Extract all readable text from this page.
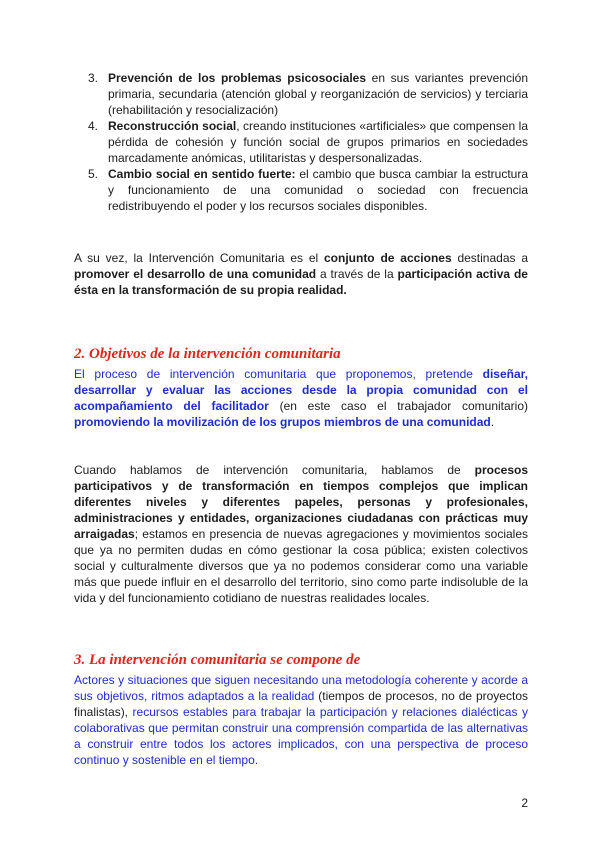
3. Prevención de los problemas psicosociales en sus variantes prevención primaria, secundaria (atención global y reorganización de servicios) y terciaria (rehabilitación y resocialización)
4. Reconstrucción social, creando instituciones «artificiales» que compensen la pérdida de cohesión y función social de grupos primarios en sociedades marcadamente anómicas, utilitaristas y despersonalizadas.
5. Cambio social en sentido fuerte: el cambio que busca cambiar la estructura y funcionamiento de una comunidad o sociedad con frecuencia redistribuyendo el poder y los recursos sociales disponibles.

A su vez, la Intervención Comunitaria es el conjunto de acciones destinadas a promover el desarrollo de una comunidad a través de la participación activa de ésta en la transformación de su propia realidad.

2. Objetivos de la intervención comunitaria

El proceso de intervención comunitaria que proponemos, pretende diseñar, desarrollar y evaluar las acciones desde la propia comunidad con el acompañamiento del facilitador (en este caso el trabajador comunitario) promoviendo la movilización de los grupos miembros de una comunidad.

Cuando hablamos de intervención comunitaria, hablamos de procesos participativos y de transformación en tiempos complejos que implican diferentes niveles y diferentes papeles, personas y profesionales, administraciones y entidades, organizaciones ciudadanas con prácticas muy arraigadas; estamos en presencia de nuevas agregaciones y movimientos sociales que ya no permiten dudas en cómo gestionar la cosa pública; existen colectivos social y culturalmente diversos que ya no podemos considerar como una variable más que puede influir en el desarrollo del territorio, sino como parte indisoluble de la vida y del funcionamiento cotidiano de nuestras realidades locales.

3. La intervención comunitaria se compone de

Actores y situaciones que siguen necesitando una metodología coherente y acorde a sus objetivos, ritmos adaptados a la realidad (tiempos de procesos, no de proyectos finalistas), recursos estables para trabajar la participación y relaciones dialécticas y colaborativas que permitan construir una comprensión compartida de las alternativas a construir entre todos los actores implicados, con una perspectiva de proceso continuo y sostenible en el tiempo.

2
